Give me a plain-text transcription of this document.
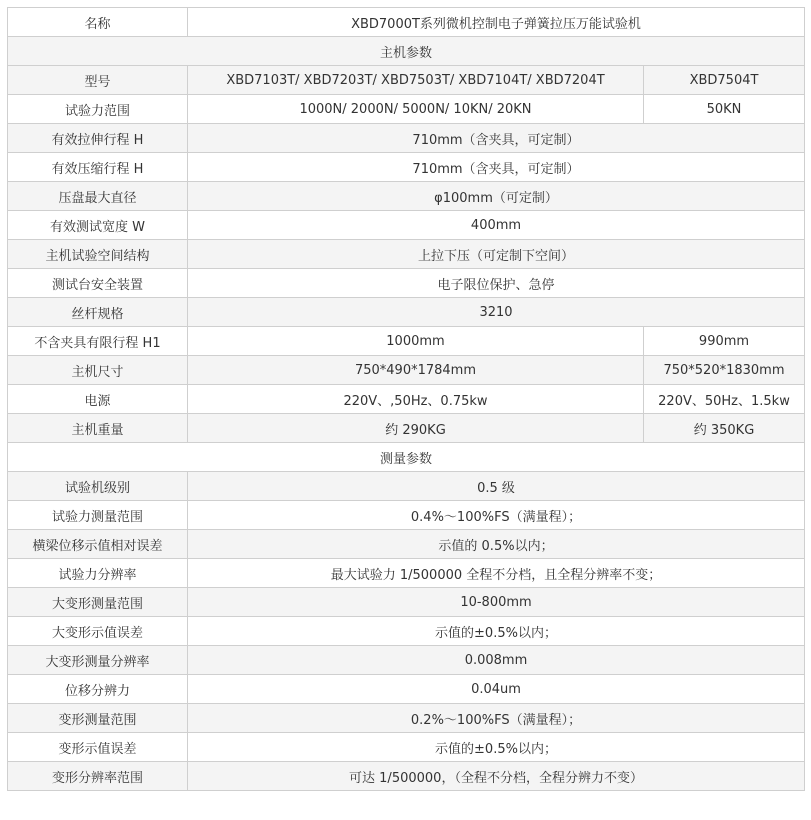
名称	XBD7000T系列微机控制电子弹簧拉压万能试验机	
主机参数		
型号	XBD7103T/ XBD7203T/ XBD7503T/ XBD7104T/ XBD7204T	XBD7504T
试验力范围	1000N/ 2000N/ 5000N/ 10KN/ 20KN	50KN
有效拉伸行程 H	710mm（含夹具，可定制）	
有效压缩行程 H	710mm（含夹具，可定制）	
压盘最大直径	φ100mm（可定制）	
有效测试宽度 W	400mm	
主机试验空间结构	上拉下压（可定制下空间）	
测试台安全装置	电子限位保护、急停	
丝杆规格	3210	
不含夹具有限行程 H1	1000mm	990mm
主机尺寸	750*490*1784mm	750*520*1830mm
电源	220V、,50Hz、0.75kw	220V、50Hz、1.5kw
主机重量	约 290KG	约 350KG
测量参数		
试验机级别	0.5 级	
试验力测量范围	0.4%～100%FS（满量程）；	
横梁位移示值相对误差	示值的 0.5%以内；	
试验力分辨率	最大试验力 1/500000 全程不分档，且全程分辨率不变；	
大变形测量范围	10-800mm	
大变形示值误差	示值的±0.5%以内；	
大变形测量分辨率	0.008mm	
位移分辨力	0.04um	
变形测量范围	0.2%～100%FS（满量程）；	
变形示值误差	示值的±0.5%以内；	
变形分辨率范围	可达 1/500000，（全程不分档，全程分辨力不变）	
